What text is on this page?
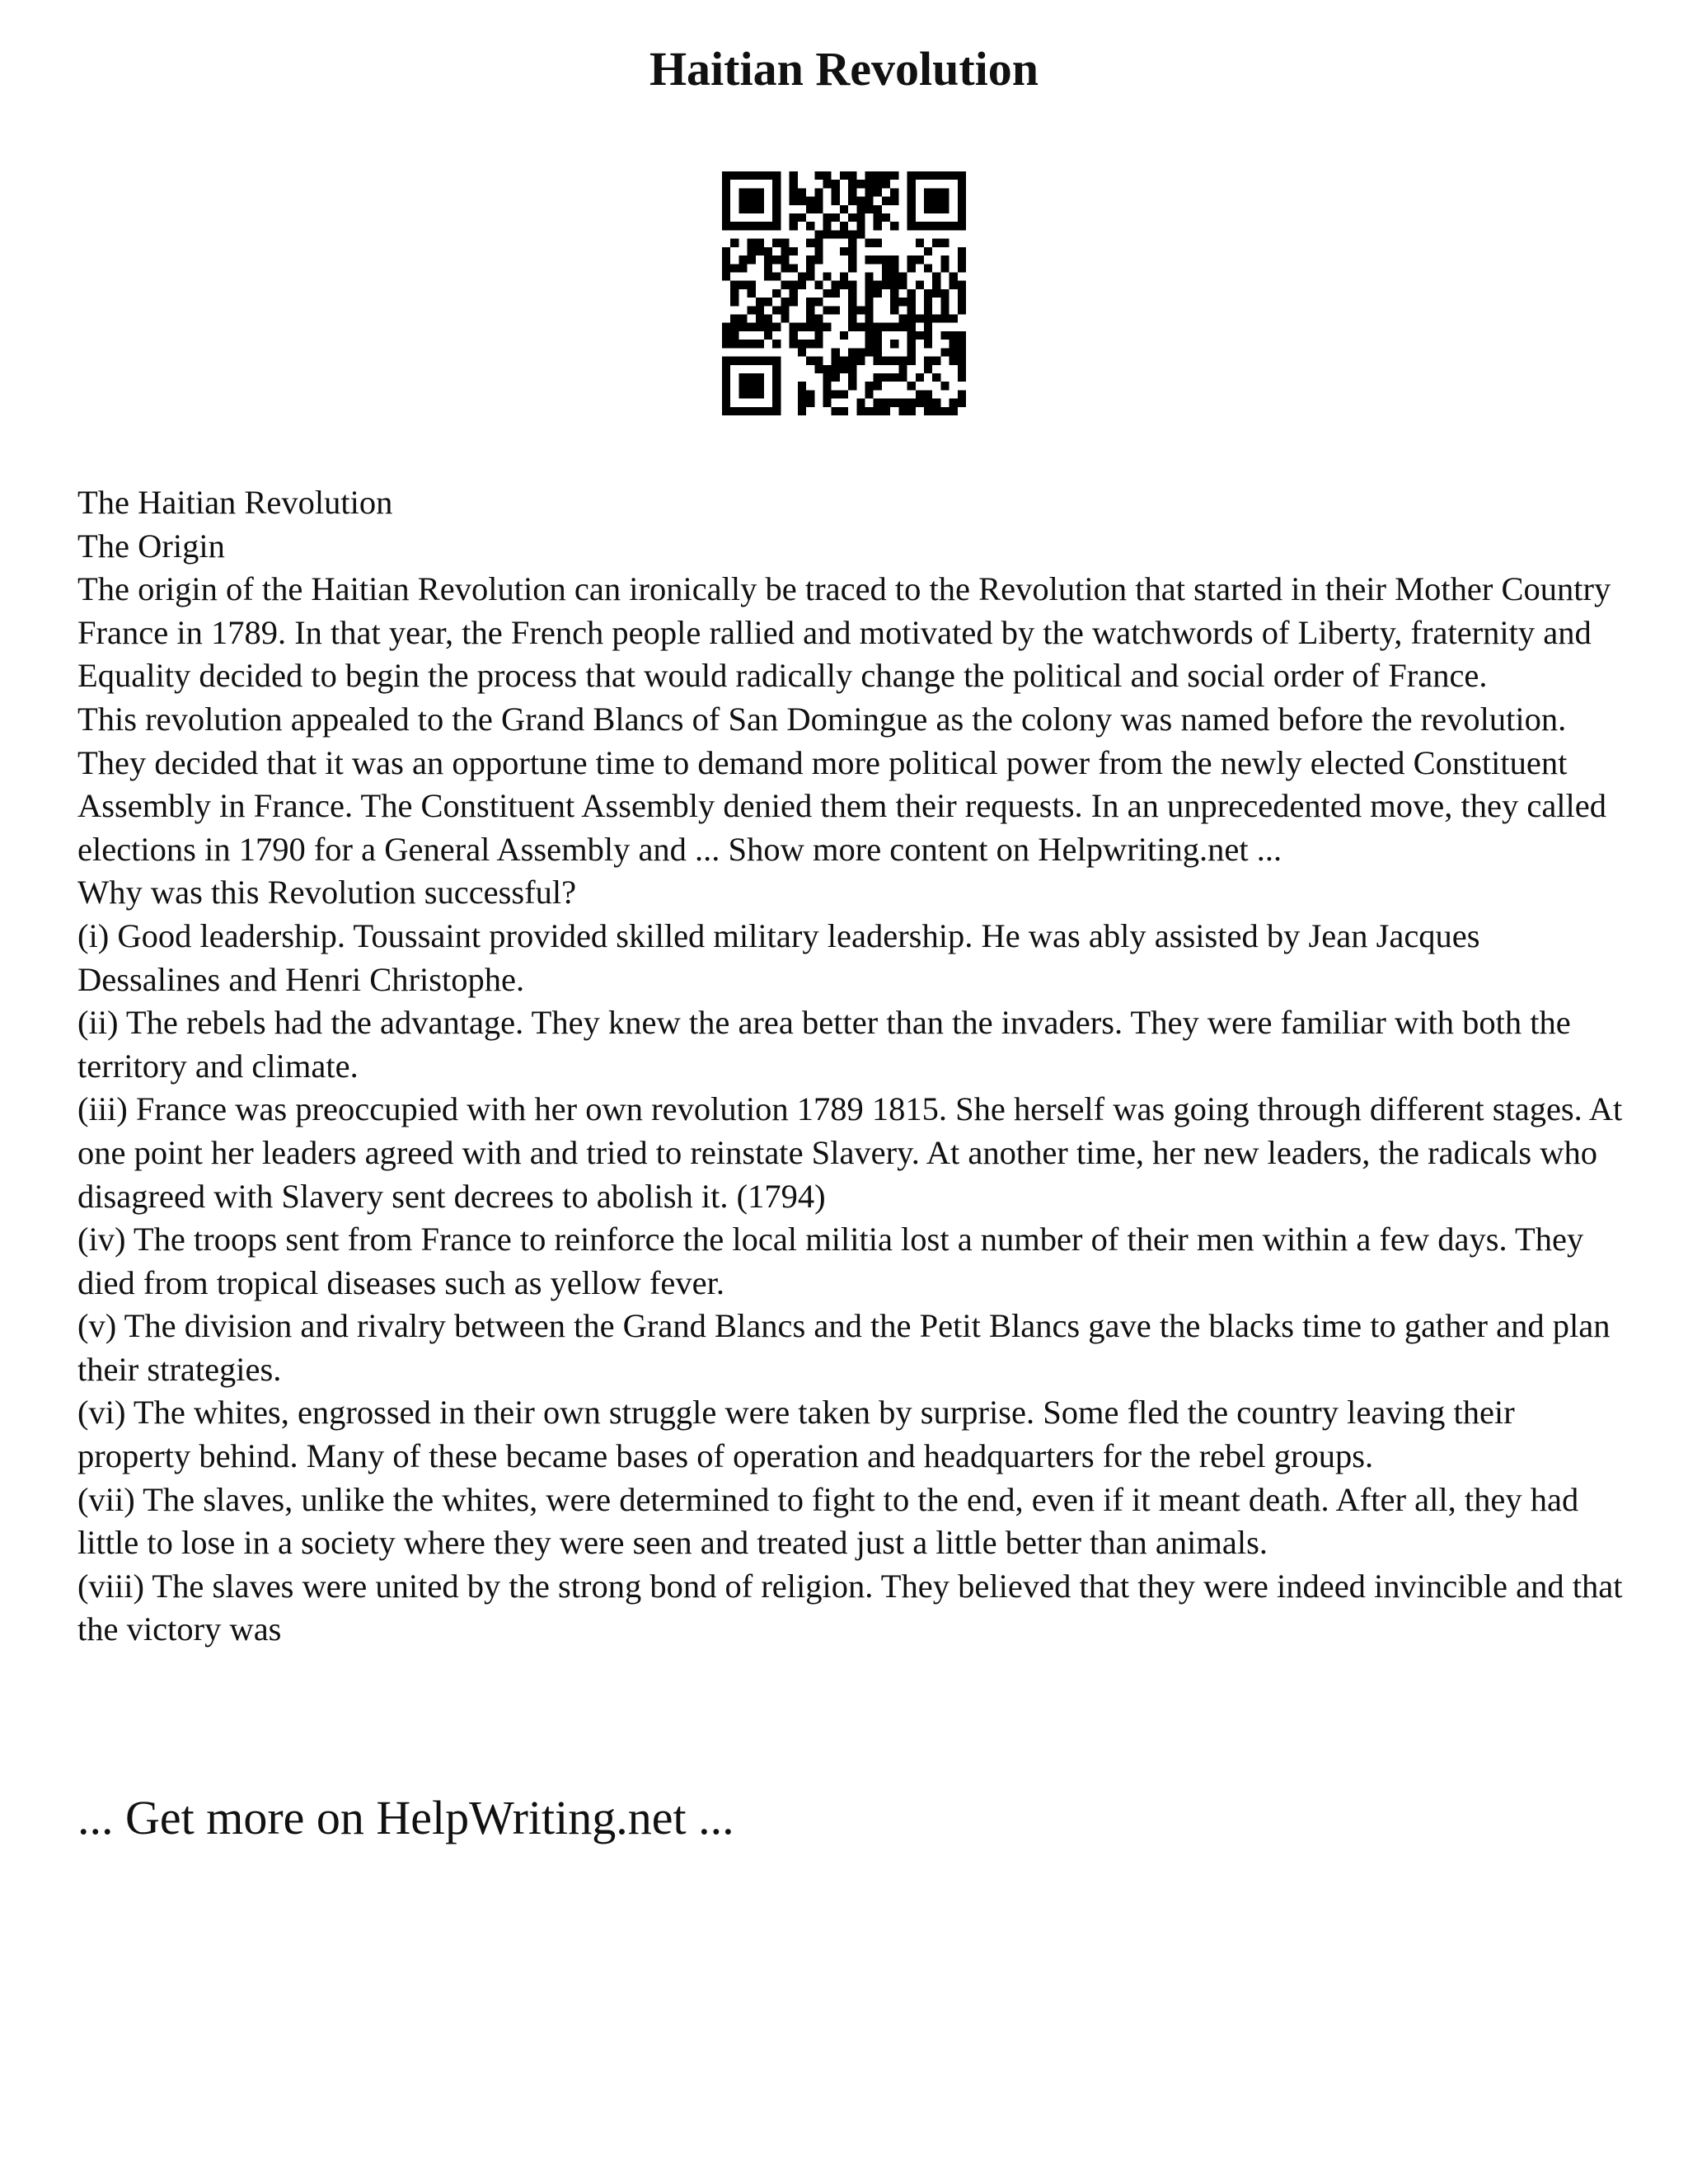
Haitian Revolution

The Haitian Revolution

The Origin

The origin of the Haitian Revolution can ironically be traced to the Revolution that started in their Mother Country France in 1789. In that year, the French people rallied and motivated by the watchwords of Liberty, fraternity and Equality decided to begin the process that would radically change the political and social order of France.

This revolution appealed to the Grand Blancs of San Domingue as the colony was named before the revolution. They decided that it was an opportune time to demand more political power from the newly elected Constituent Assembly in France. The Constituent Assembly denied them their requests. In an unprecedented move, they called elections in 1790 for a General Assembly and ... Show more content on Helpwriting.net ...

Why was this Revolution successful?

(i) Good leadership. Toussaint provided skilled military leadership. He was ably assisted by Jean Jacques Dessalines and Henri Christophe.

(ii) The rebels had the advantage. They knew the area better than the invaders. They were familiar with both the territory and climate.

(iii) France was preoccupied with her own revolution 1789 1815. She herself was going through different stages. At one point her leaders agreed with and tried to reinstate Slavery. At another time, her new leaders, the radicals who disagreed with Slavery sent decrees to abolish it. (1794)

(iv) The troops sent from France to reinforce the local militia lost a number of their men within a few days. They died from tropical diseases such as yellow fever.

(v) The division and rivalry between the Grand Blancs and the Petit Blancs gave the blacks time to gather and plan their strategies.

(vi) The whites, engrossed in their own struggle were taken by surprise. Some fled the country leaving their property behind. Many of these became bases of operation and headquarters for the rebel groups.

(vii) The slaves, unlike the whites, were determined to fight to the end, even if it meant death. After all, they had little to lose in a society where they were seen and treated just a little better than animals.

(viii) The slaves were united by the strong bond of religion. They believed that they were indeed invincible and that the victory was

... Get more on HelpWriting.net ...
